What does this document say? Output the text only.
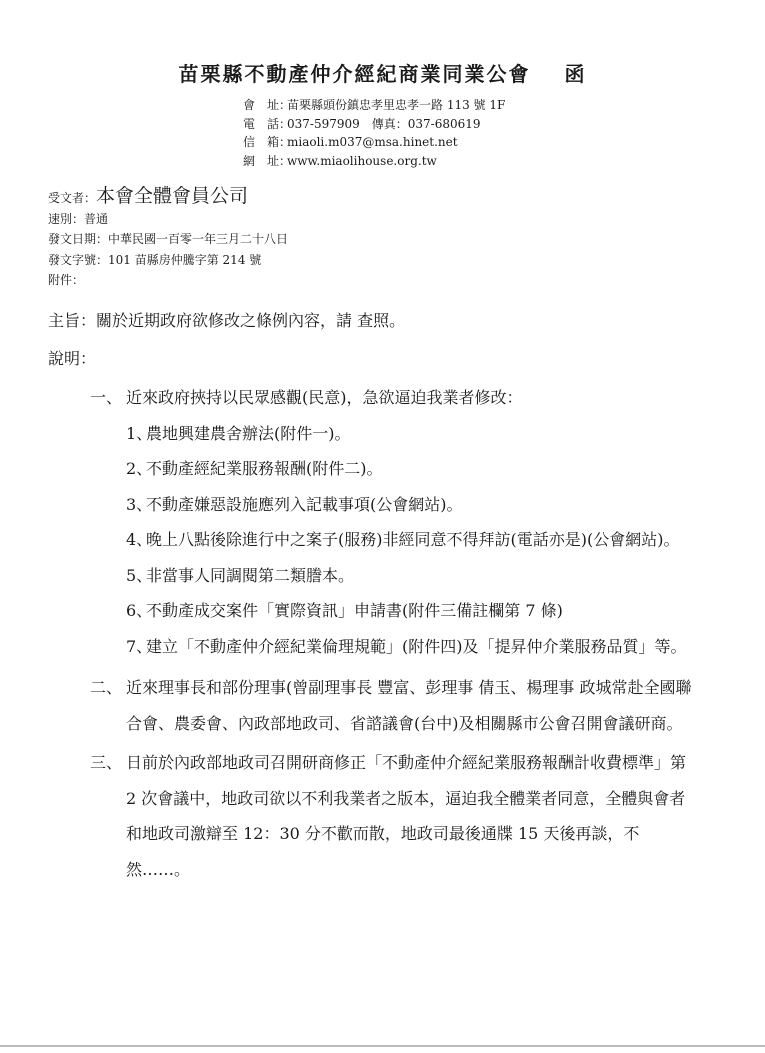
苗栗縣不動產仲介經紀商業同業公會 函
會　址：苗栗縣頭份鎮忠孝里忠孝一路 113 號 1F
電　話：037-597909　傳真：037-680619
信　箱：miaoli.m037@msa.hinet.net
網　址：www.miaolihouse.org.tw
受文者：本會全體會員公司
速別：普通
發文日期：中華民國一百零一年三月二十八日
發文字號：101 苗縣房仲騰字第 214 號
附件：
主旨：關於近期政府欲修改之條例內容，請 查照。
說明：
一、 近來政府挾持以民眾感觀(民意)，急欲逼迫我業者修改：
1、
農地興建農舍辦法(附件一)。
2、
不動產經紀業服務報酬(附件二)。
3、
不動產嫌惡設施應列入記載事項(公會網站)。
4、
晚上八點後除進行中之案子(服務)非經同意不得拜訪(電話亦是)(公會網站)。
5、
非當事人同調閱第二類謄本。
6、
不動產成交案件「實際資訊」申請書(附件三備註欄第 7 條)
7、
建立「不動產仲介經紀業倫理規範」(附件四)及「提昇仲介業服務品質」等。
二、 近來理事長和部份理事(曾副理事長 豐富、彭理事 倩玉、楊理事 政城常赴全國聯合會、農委會、內政部地政司、省諮議會(台中)及相關縣市公會召開會議研商。
三、 日前於內政部地政司召開研商修正「不動產仲介經紀業服務報酬計收費標準」第 2 次會議中，地政司欲以不利我業者之版本，逼迫我全體業者同意，全體與會者和地政司激辯至 12：30 分不歡而散，地政司最後通牒 15 天後再談，不然……。
